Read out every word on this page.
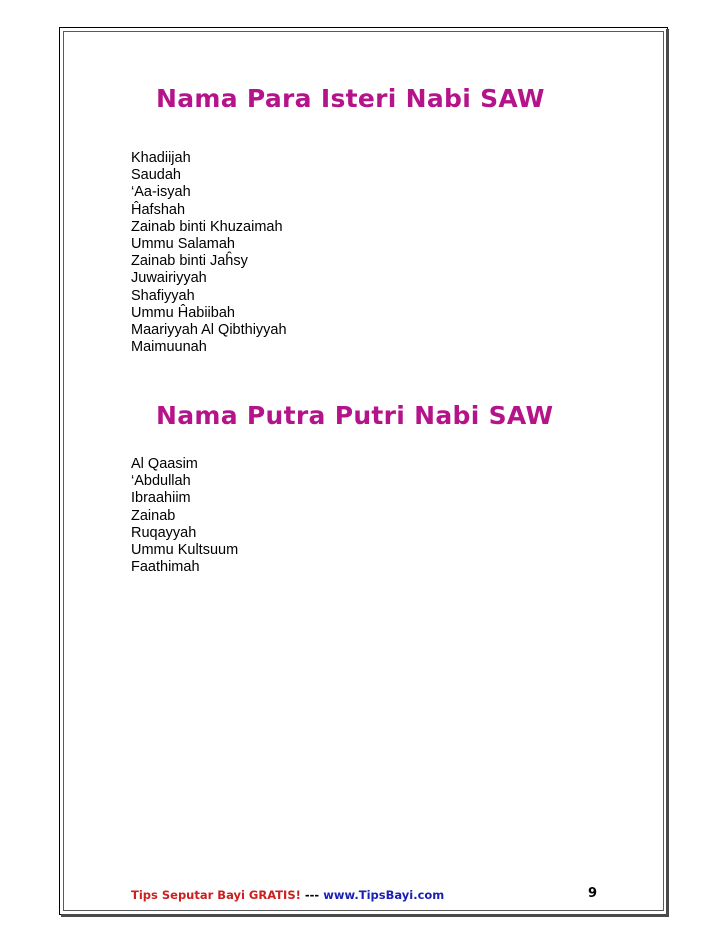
Nama Para Isteri Nabi SAW
Khadiijah
Saudah
‘Aa-isyah
Ĥafshah
Zainab binti Khuzaimah
Ummu Salamah
Zainab binti Jaĥsy
Juwairiyyah
Shafiyyah
Ummu Ĥabiibah
Maariyyah Al Qibthiyyah
Maimuunah
Nama Putra Putri Nabi SAW
Al Qaasim
‘Abdullah
Ibraahiim
Zainab
Ruqayyah
Ummu Kultsuum
Faathimah
Tips Seputar Bayi GRATIS! --- www.TipsBayi.com	9
